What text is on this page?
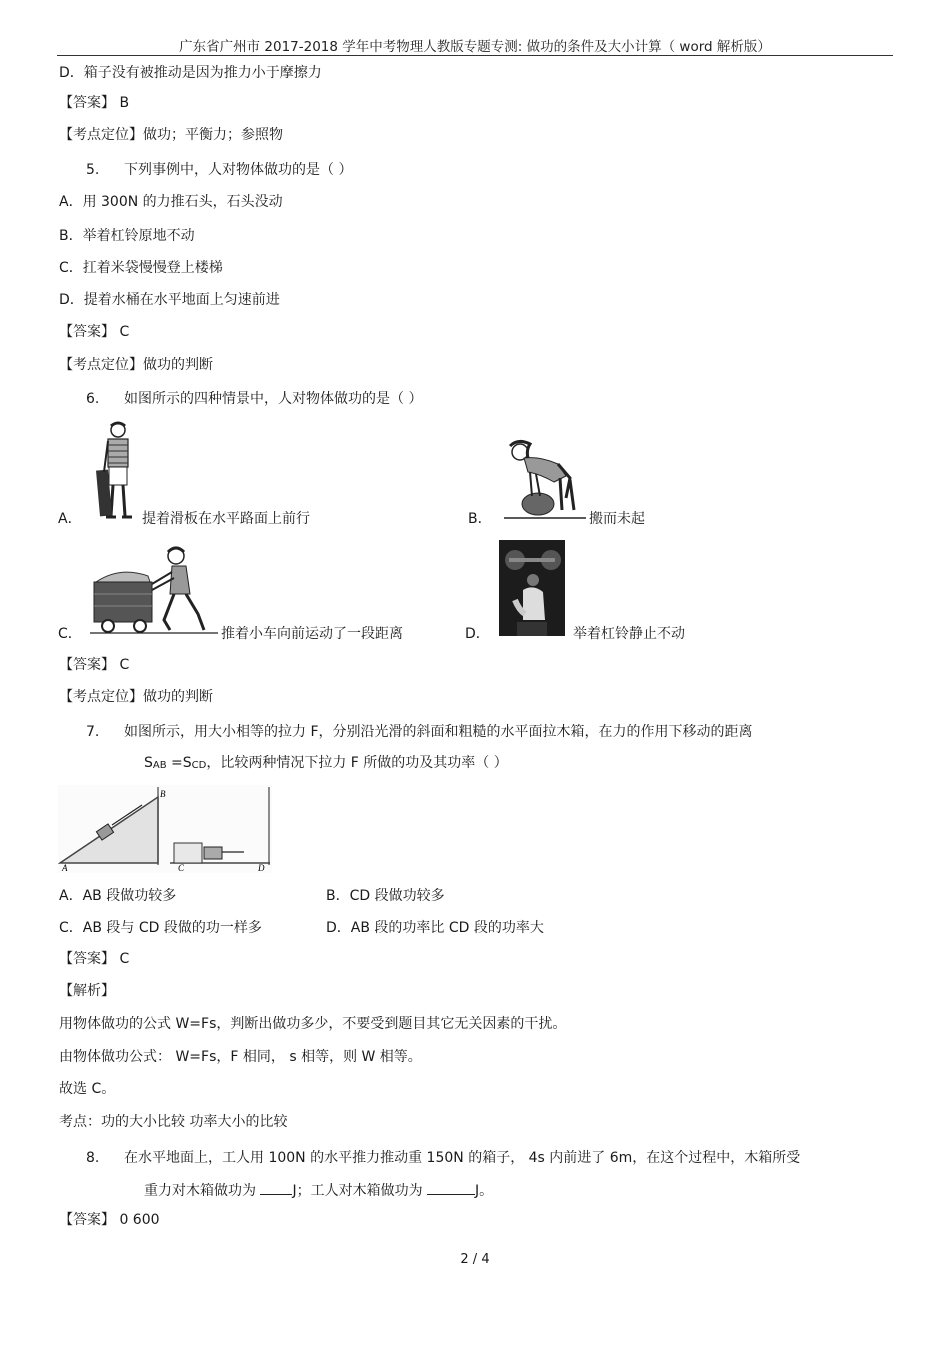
广东省广州市 2017-2018 学年中考物理人教版专题专测: 做功的条件及大小计算（ word 解析版）
D．箱子没有被推动是因为推力小于摩擦力
【答案】 B
【考点定位】做功；平衡力；参照物
5. 下列事例中，人对物体做功的是（ ）
A．用 300N 的力推石头，石头没动
B．举着杠铃原地不动
C．扛着米袋慢慢登上楼梯
D．提着水桶在水平地面上匀速前进
【答案】 C
【考点定位】做功的判断
6. 如图所示的四种情景中，人对物体做功的是（ ）
A．	提着滑板在水平路面上前行	B．	搬而未起
C．	推着小车向前运动了一段距离	D．	举着杠铃静止不动
【答案】 C
【考点定位】做功的判断
7. 如图所示，用大小相等的拉力 F，分别沿光滑的斜面和粗糙的水平面拉木箱，在力的作用下移动的距离
$S_{AB} =S_{CD}$，比较两种情况下拉力 F 所做的功及其功率（ ）
A
B
C	D
A．AB 段做功较多	B．CD 段做功较多
C．AB 段与 CD 段做的功一样多	D．AB 段的功率比 CD 段的功率大
【答案】 C
【解析】
用物体做功的公式 W=Fs，判断出做功多少，不要受到题目其它无关因素的干扰。
由物体做功公式： W=Fs，F 相同， s 相等，则 W 相等。
故选 C。
考点：功的大小比较 功率大小的比较
8. 在水平地面上，工人用 100N 的水平推力推动重 150N 的箱子， 4s 内前进了 6m，在这个过程中，木箱所受
重力对木箱做功为 J；工人对木箱做功为	J。
【答案】 0 600
2 / 4
